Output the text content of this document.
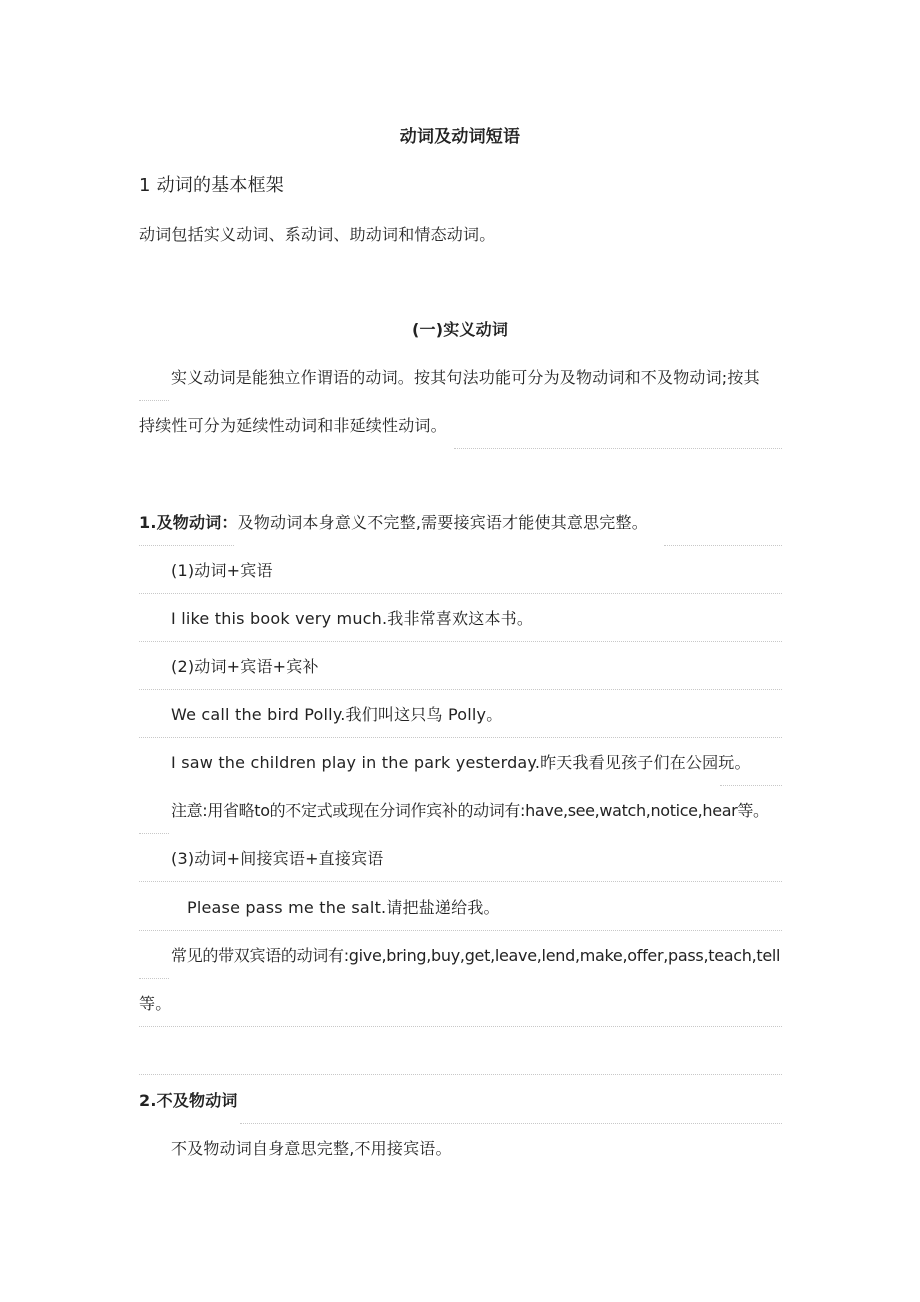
动词及动词短语
1 动词的基本框架
动词包括实义动词、系动词、助动词和情态动词。
(一)实义动词
实义动词是能独立作谓语的动词。按其句法功能可分为及物动词和不及物动词;按其
持续性可分为延续性动词和非延续性动词。
1.及物动词：及物动词本身意义不完整,需要接宾语才能使其意思完整。
(1)动词+宾语
I like this book very much.我非常喜欢这本书。
(2)动词+宾语+宾补
We call the bird Polly.我们叫这只鸟 Polly。
I saw the children play in the park yesterday.昨天我看见孩子们在公园玩。
注意:用省略to的不定式或现在分词作宾补的动词有:have,see,watch,notice,hear等。
(3)动词+间接宾语+直接宾语
Please pass me the salt.请把盐递给我。
常见的带双宾语的动词有:give,bring,buy,get,leave,lend,make,offer,pass,teach,tell
等。
2.不及物动词
不及物动词自身意思完整,不用接宾语。
